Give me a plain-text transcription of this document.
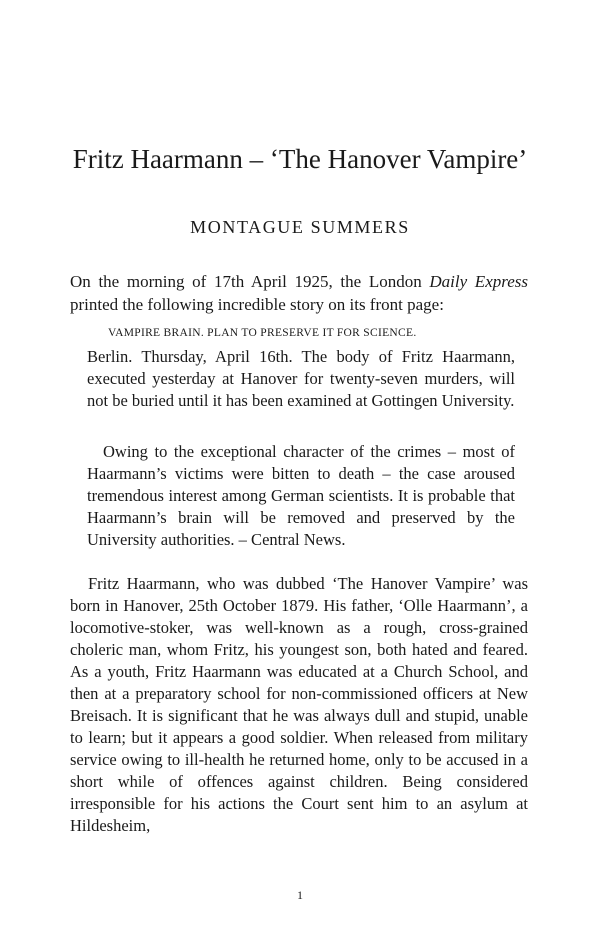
Fritz Haarmann – ‘The Hanover Vampire’

MONTAGUE SUMMERS

On the morning of 17th April 1925, the London Daily Express printed the following incredible story on its front page:

VAMPIRE BRAIN. PLAN TO PRESERVE IT FOR SCIENCE.

Berlin. Thursday, April 16th. The body of Fritz Haarmann, executed yesterday at Hanover for twenty-seven murders, will not be buried until it has been examined at Gottingen University.

Owing to the exceptional character of the crimes – most of Haarmann’s victims were bitten to death – the case aroused tremendous interest among German scientists. It is probable that Haarmann’s brain will be removed and preserved by the University authorities. – Central News.

Fritz Haarmann, who was dubbed ‘The Hanover Vampire’ was born in Hanover, 25th October 1879. His father, ‘Olle Haarmann’, a locomotive-stoker, was well-known as a rough, cross-grained choleric man, whom Fritz, his youngest son, both hated and feared. As a youth, Fritz Haarmann was educated at a Church School, and then at a preparatory school for non-commissioned officers at New Breisach. It is significant that he was always dull and stupid, unable to learn; but it appears a good soldier. When released from military service owing to ill-health he returned home, only to be accused in a short while of offences against children. Being considered irresponsible for his actions the Court sent him to an asylum at Hildesheim,

1
